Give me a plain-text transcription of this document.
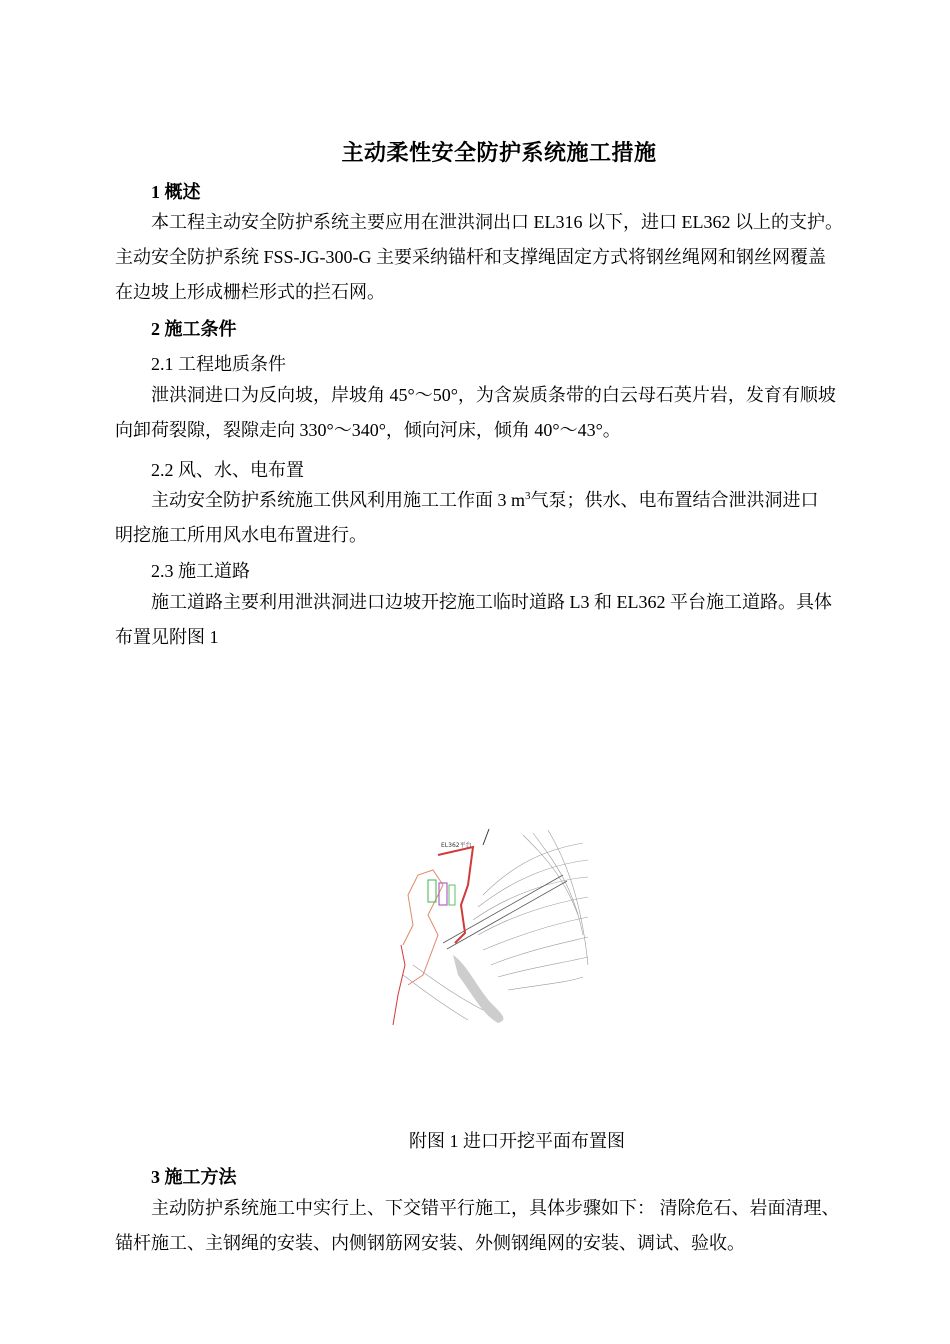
主动柔性安全防护系统施工措施
1 概述
本工程主动安全防护系统主要应用在泄洪洞出口 EL316 以下，进口 EL362 以上的支护。
主动安全防护系统 FSS-JG-300-G 主要采纳锚杆和支撑绳固定方式将钢丝绳网和钢丝网覆盖
在边坡上形成栅栏形式的拦石网。
2 施工条件
2.1 工程地质条件
泄洪洞进口为反向坡，岸坡角 45°～50°，为含炭质条带的白云母石英片岩，发育有顺坡
向卸荷裂隙，裂隙走向 330°～340°，倾向河床，倾角 40°～43°。
2.2 风、水、电布置
主动安全防护系统施工供风利用施工工作面 3 $m^3$气泵；供水、电布置结合泄洪洞进口
明挖施工所用风水电布置进行。
2.3 施工道路
施工道路主要利用泄洪洞进口边坡开挖施工临时道路 L3 和 EL362 平台施工道路。具体
布置见附图 1
EL362平台
附图 1 进口开挖平面布置图
3 施工方法
主动防护系统施工中实行上、下交错平行施工，具体步骤如下： 清除危石、岩面清理、
锚杆施工、主钢绳的安装、内侧钢筋网安装、外侧钢绳网的安装、调试、验收。
